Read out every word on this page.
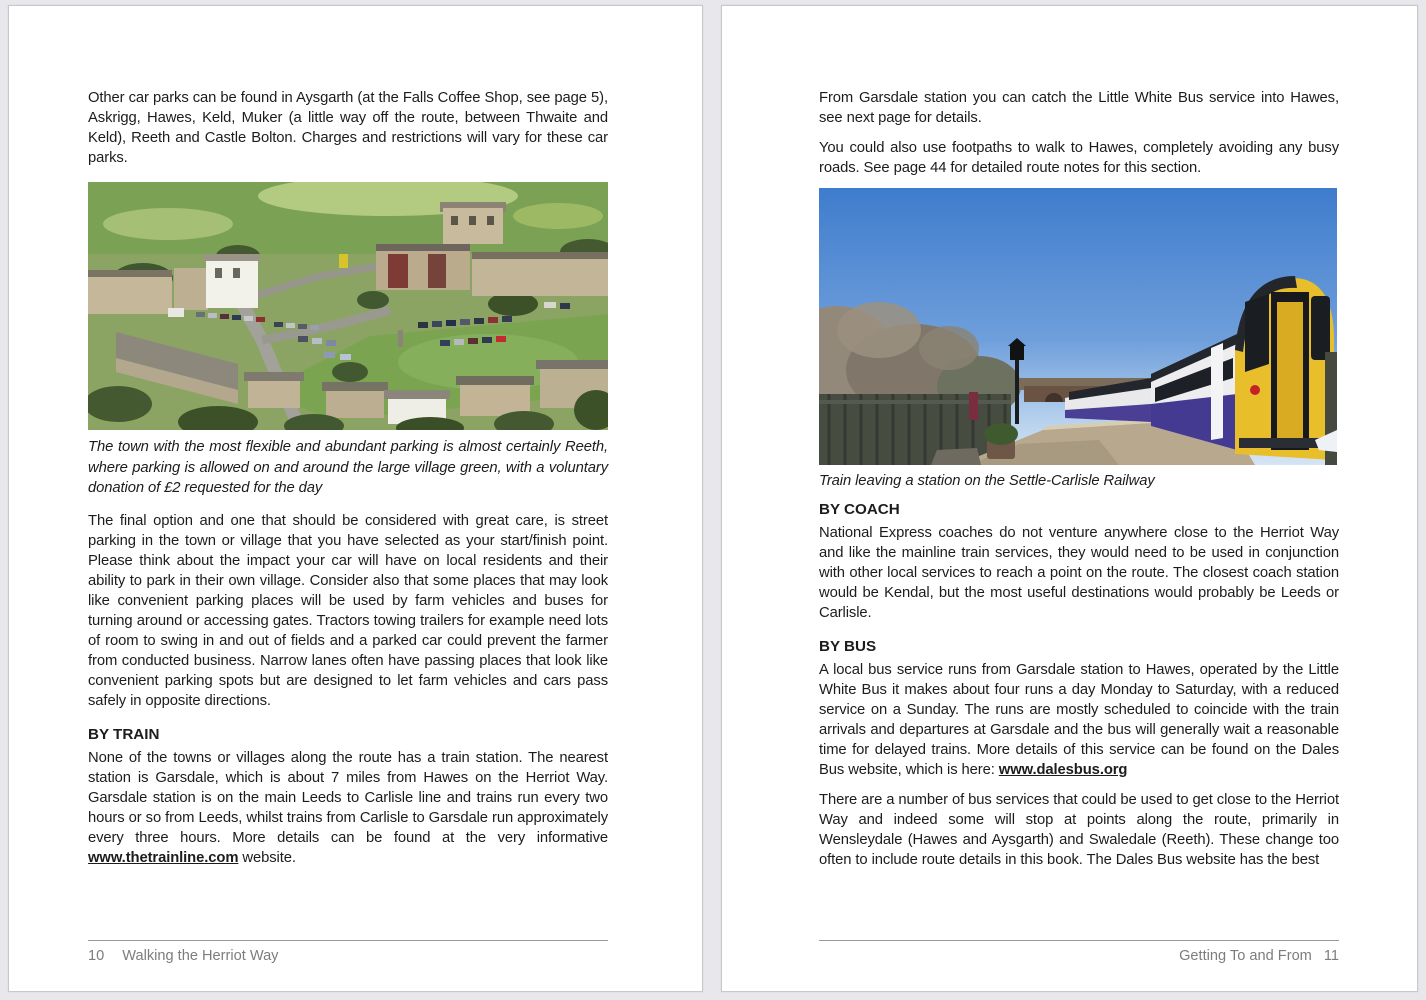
Other car parks can be found in Aysgarth (at the Falls Coffee Shop, see page 5), Askrigg, Hawes, Keld, Muker (a little way off the route, between Thwaite and Keld), Reeth and Castle Bolton. Charges and restrictions will vary for these car parks.

The town with the most flexible and abundant parking is almost certainly Reeth, where parking is allowed on and around the large village green, with a voluntary donation of £2 requested for the day

The final option and one that should be considered with great care, is street parking in the town or village that you have selected as your start/finish point. Please think about the impact your car will have on local residents and their ability to park in their own village. Consider also that some places that may look like convenient parking places will be used by farm vehicles and buses for turning around or accessing gates. Tractors towing trailers for example need lots of room to swing in and out of fields and a parked car could prevent the farmer from conducted business. Narrow lanes often have passing places that look like convenient parking spots but are designed to let farm vehicles and cars pass safely in opposite directions.

BY TRAIN

None of the towns or villages along the route has a train station. The nearest station is Garsdale, which is about 7 miles from Hawes on the Herriot Way. Garsdale station is on the main Leeds to Carlisle line and trains run every two hours or so from Leeds, whilst trains from Carlisle to Garsdale run approximately every three hours. More details can be found at the very informative www.thetrainline.com website.

10 Walking the Herriot Way

From Garsdale station you can catch the Little White Bus service into Hawes, see next page for details.

You could also use footpaths to walk to Hawes, completely avoiding any busy roads. See page 44 for detailed route notes for this section.

Train leaving a station on the Settle-Carlisle Railway

BY COACH

National Express coaches do not venture anywhere close to the Herriot Way and like the mainline train services, they would need to be used in conjunction with other local services to reach a point on the route. The closest coach station would be Kendal, but the most useful destinations would probably be Leeds or Carlisle.

BY BUS

A local bus service runs from Garsdale station to Hawes, operated by the Little White Bus it makes about four runs a day Monday to Saturday, with a reduced service on a Sunday. The runs are mostly scheduled to coincide with the train arrivals and departures at Garsdale and the bus will generally wait a reasonable time for delayed trains. More details of this service can be found on the Dales Bus website, which is here: www.dalesbus.org

There are a number of bus services that could be used to get close to the Herriot Way and indeed some will stop at points along the route, primarily in Wensleydale (Hawes and Aysgarth) and Swaledale (Reeth). These change too often to include route details in this book. The Dales Bus website has the best

Getting To and From 11
